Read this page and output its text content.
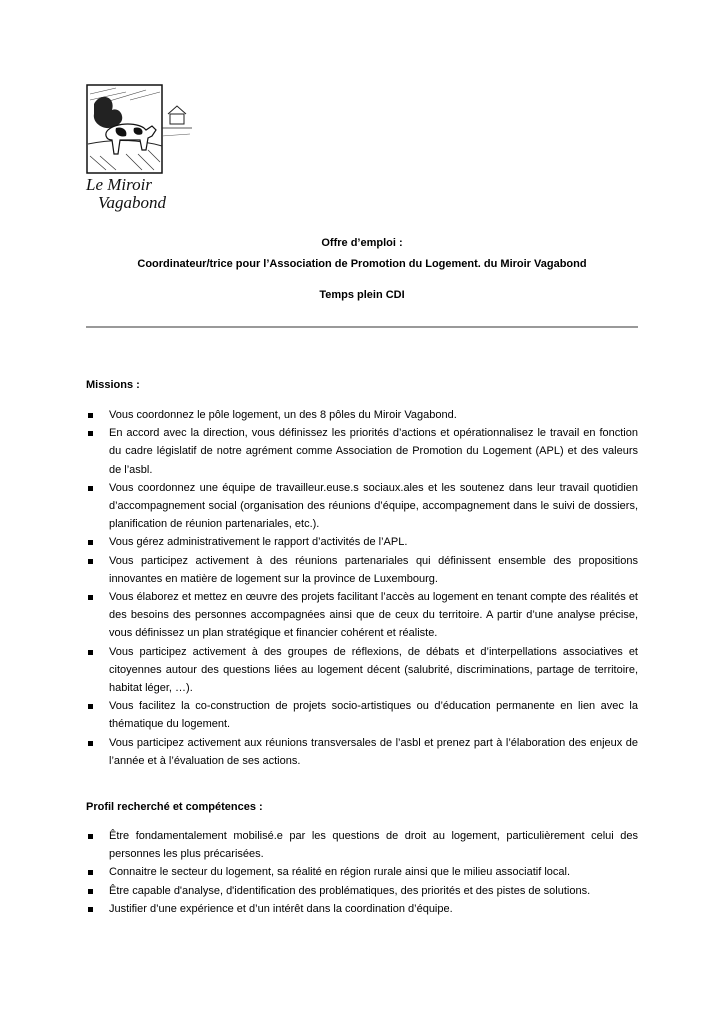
Le Miroir
Vagabond
Offre d’emploi :
Coordinateur/trice pour l’Association de Promotion du Logement. du Miroir Vagabond
Temps plein CDI
Missions :
Vous coordonnez le pôle logement, un des 8 pôles du Miroir Vagabond.
En accord avec la direction, vous définissez les priorités d’actions et opérationnalisez le travail en fonction du cadre législatif de notre agrément comme Association de Promotion du Logement (APL) et des valeurs de l’asbl.
Vous coordonnez une équipe de travailleur.euse.s sociaux.ales et les soutenez dans leur travail quotidien d’accompagnement social (organisation des réunions d’équipe, accompagnement dans le suivi de dossiers, planification de réunion partenariales, etc.).
Vous gérez administrativement le rapport d’activités de l’APL.
Vous participez activement à des réunions partenariales qui définissent ensemble des propositions innovantes en matière de logement sur la province de Luxembourg.
Vous élaborez et mettez en œuvre des projets facilitant l’accès au logement en tenant compte des réalités et des besoins des personnes accompagnées ainsi que de ceux du territoire. A partir d’une analyse précise, vous définissez un plan stratégique et financier cohérent et réaliste.
Vous participez activement à des groupes de réflexions, de débats et d’interpellations associatives et citoyennes autour des questions liées au logement décent (salubrité, discriminations, partage de territoire, habitat léger, …).
Vous facilitez la co-construction de projets socio-artistiques ou d’éducation permanente en lien avec la thématique du logement.
Vous participez activement aux réunions transversales de l’asbl et prenez part à l’élaboration des enjeux de l’année et à l’évaluation de ses actions.
Profil recherché et compétences :
Être fondamentalement mobilisé.e par les questions de droit au logement, particulièrement celui des personnes les plus précarisées.
Connaitre le secteur du logement, sa réalité en région rurale ainsi que le milieu associatif local.
Être capable d'analyse, d'identification des problématiques, des priorités et des pistes de solutions.
Justifier d’une expérience et d’un intérêt dans la coordination d’équipe.
